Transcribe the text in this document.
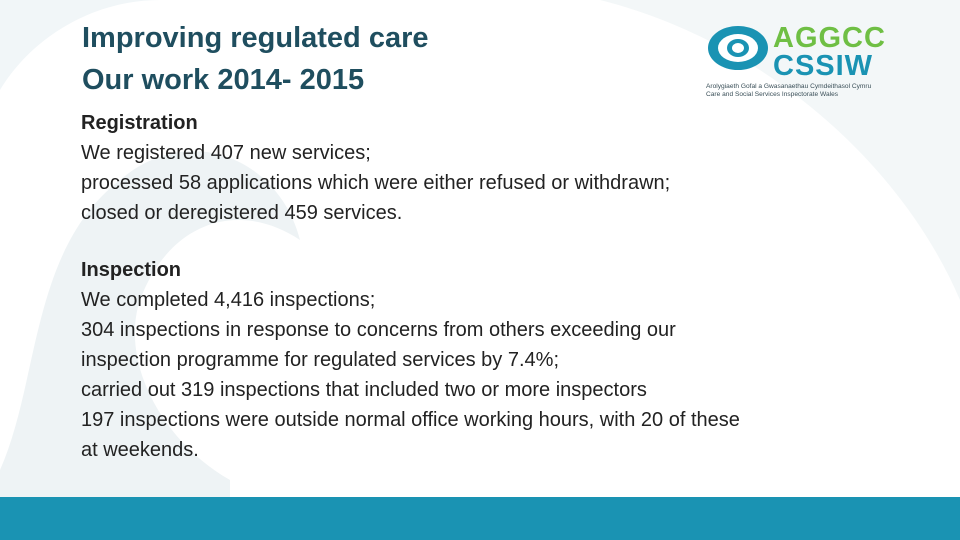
Improving regulated care
Our work 2014- 2015
AGGCC
CSSIW
Arolygiaeth Gofal a Gwasanaethau Cymdeithasol Cymru
Care and Social Services Inspectorate Wales
Registration
We registered 407 new services;
processed 58 applications which were either refused or withdrawn;
closed or deregistered 459 services.
Inspection
We completed 4,416 inspections;
304 inspections in response to concerns from others exceeding our
inspection programme for regulated services by 7.4%;
carried out 319 inspections that included two or more inspectors
197 inspections were outside normal office working hours, with 20 of these
at weekends.
